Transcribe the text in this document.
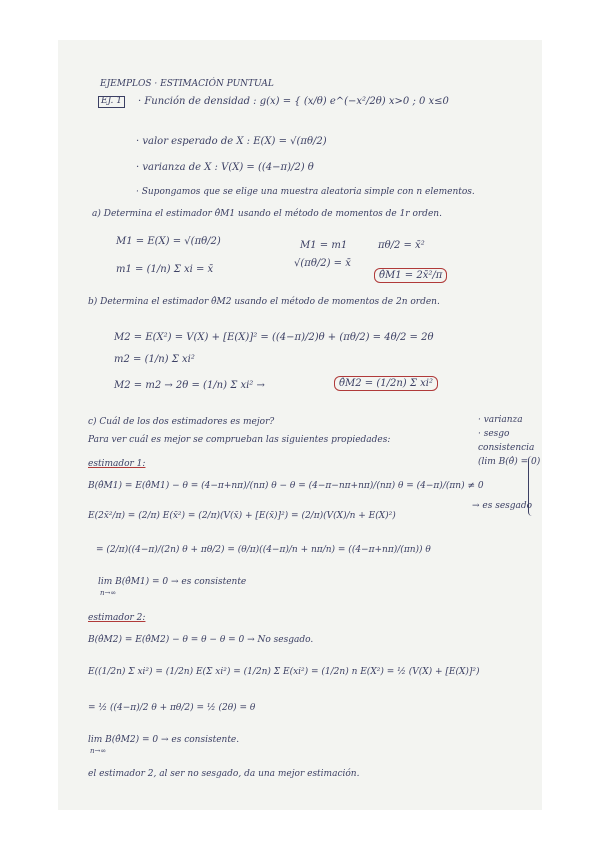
EJEMPLOS · ESTIMACIÓN PUNTUAL
EJ. 1	· Función de densidad : g(x) = { (x/θ) e^(−x²/2θ) x>0 ; 0 x≤0
· valor esperado de X : E(X) = √(πθ/2)
· varianza de X : V(X) = ((4−π)/2) θ
· Supongamos que se elige una muestra aleatoria simple con n elementos.
a) Determina el estimador θ̂M1 usando el método de momentos de 1r orden.
M1 = E(X) = √(πθ/2)
m1 = (1/n) Σ xi = x̄
M1 = m1
√(πθ/2) = x̄
πθ/2 = x̄²
θ̂M1 = 2x̄²/π
b) Determina el estimador θ̂M2 usando el método de momentos de 2n orden.
M2 = E(X²) = V(X) + [E(X)]² = ((4−π)/2)θ + (πθ/2) = 4θ/2 = 2θ
m2 = (1/n) Σ xi²
M2 = m2 → 2θ = (1/n) Σ xi² →	θ̂M2 = (1/2n) Σ xi²
c) Cuál de los dos estimadores es mejor?
Para ver cuál es mejor se comprueban las siguientes propiedades:
· varianza
· sesgo
consistencia
(lim B(θ̂) = 0)
estimador 1:
B(θ̂M1) = E(θ̂M1) − θ = (4−π+nπ)/(nπ) θ − θ = (4−π−nπ+nπ)/(nπ) θ = (4−π)/(πn) ≠ 0
→ es sesgado
E(2x̄²/π) = (2/π) E(x̄²) = (2/π)(V(x̄) + [E(x̄)]²) = (2/π)(V(X)/n + E(X)²)
= (2/π)((4−π)/(2n) θ + πθ/2) = (θ/π)((4−π)/n + nπ/n) = ((4−π+nπ)/(πn)) θ
lim B(θ̂M1) = 0 → es consistente
n→∞
estimador 2:
B(θ̂M2) = E(θ̂M2) − θ = θ − θ = 0 → No sesgado.
E((1/2n) Σ xi²) = (1/2n) E(Σ xi²) = (1/2n) Σ E(xi²) = (1/2n) n E(X²) = ½ (V(X) + [E(X)]²)
= ½ ((4−π)/2 θ + πθ/2) = ½ (2θ) = θ
lim B(θ̂M2) = 0 → es consistente.
n→∞
el estimador 2, al ser no sesgado, da una mejor estimación.
